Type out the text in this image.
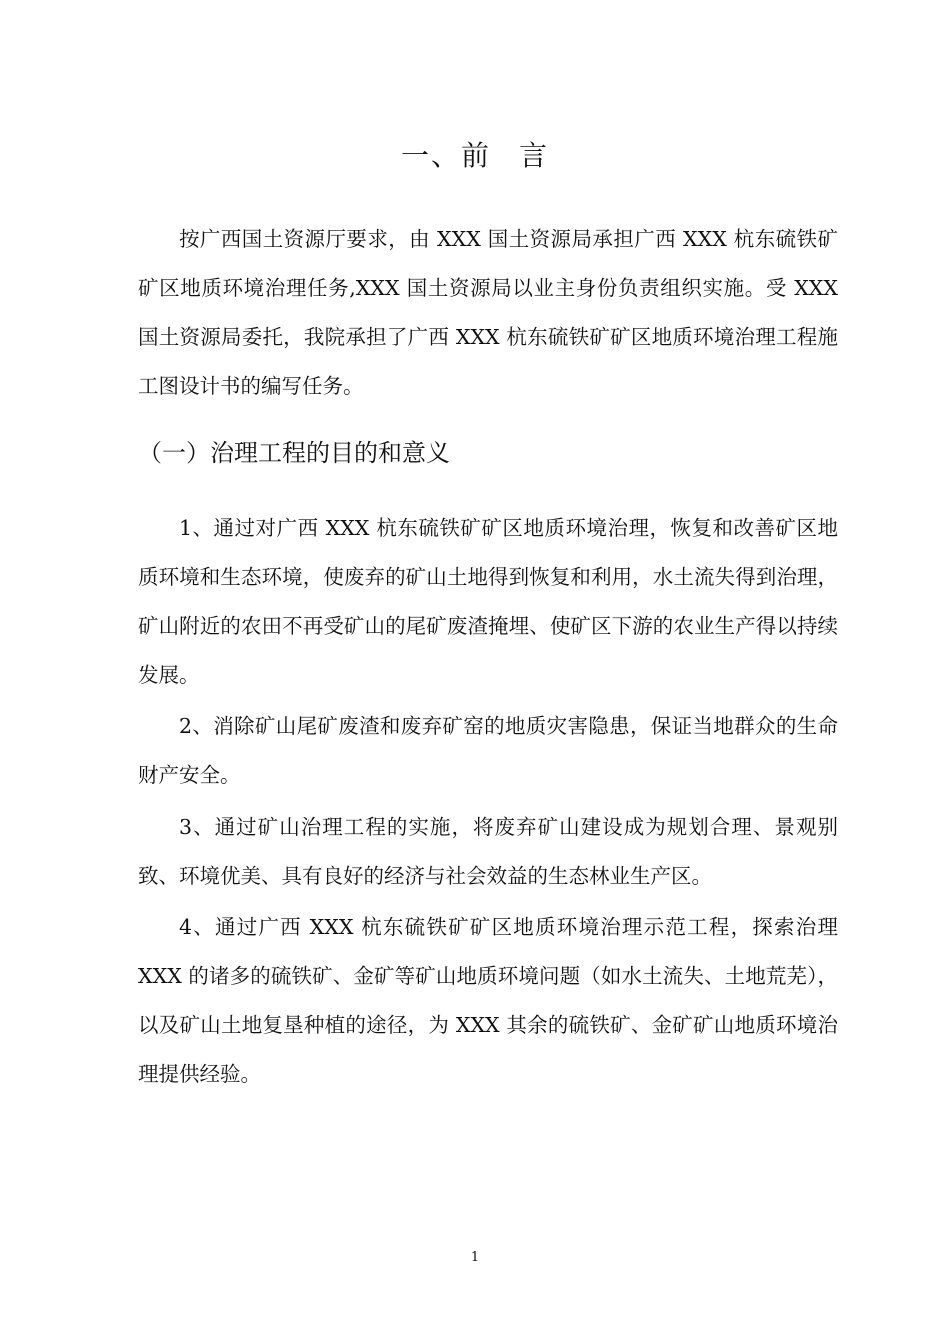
一、前 言
按广西国土资源厅要求，由 XXX 国土资源局承担广西 XXX 杭东硫铁矿矿区地质环境治理任务,XXX 国土资源局以业主身份负责组织实施。受 XXX 国土资源局委托，我院承担了广西 XXX 杭东硫铁矿矿区地质环境治理工程施工图设计书的编写任务。
（一）治理工程的目的和意义
1、通过对广西 XXX 杭东硫铁矿矿区地质环境治理，恢复和改善矿区地质环境和生态环境，使废弃的矿山土地得到恢复和利用，水土流失得到治理，矿山附近的农田不再受矿山的尾矿废渣掩埋、使矿区下游的农业生产得以持续发展。
2、消除矿山尾矿废渣和废弃矿窑的地质灾害隐患，保证当地群众的生命财产安全。
3、通过矿山治理工程的实施，将废弃矿山建设成为规划合理、景观别致、环境优美、具有良好的经济与社会效益的生态林业生产区。
4、通过广西 XXX 杭东硫铁矿矿区地质环境治理示范工程，探索治理 XXX 的诸多的硫铁矿、金矿等矿山地质环境问题（如水土流失、土地荒芜），以及矿山土地复垦种植的途径，为 XXX 其余的硫铁矿、金矿矿山地质环境治理提供经验。
1
